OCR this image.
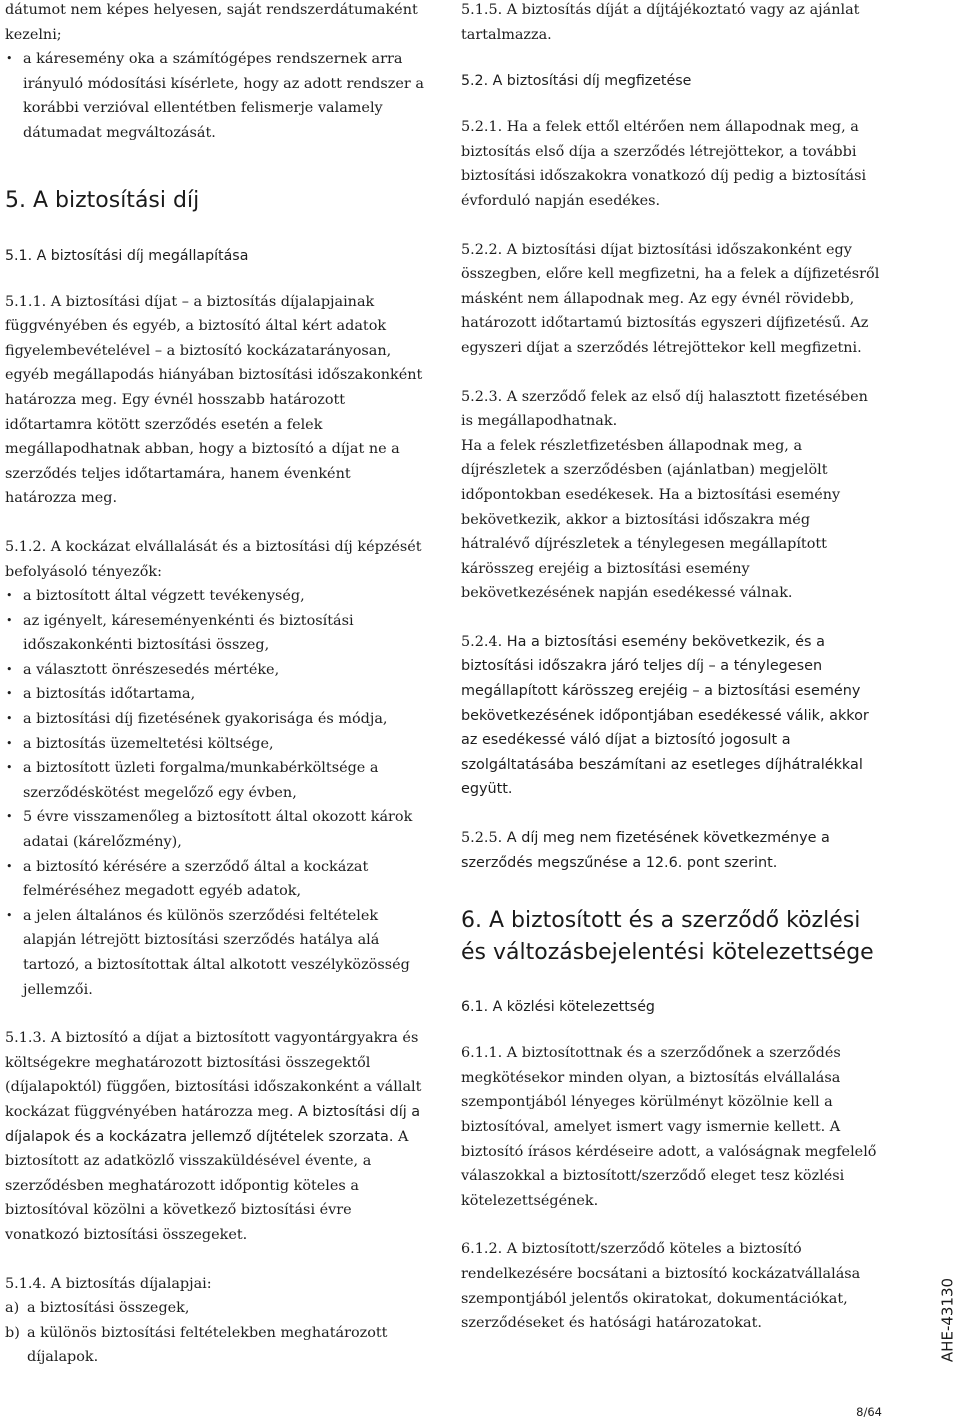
dátumot nem képes helyesen, saját rendszerdátumaként kezelni;

• a káresemény oka a számítógépes rendszernek arra irányuló módosítási kísérlete, hogy az adott rendszer a korábbi verzióval ellentétben felismerje valamely dátumadat megváltozását.
5. A biztosítási díj
5.1. A biztosítási díj megállapítása

5.1.1. A biztosítási díjat – a biztosítás díjalapjainak függvényében és egyéb, a biztosító által kért adatok figyelembevételével – a biztosító kockázatarányosan, egyéb megállapodás hiányában biztosítási időszakonként határozza meg. Egy évnél hosszabb határozott időtartamra kötött szerződés esetén a felek megállapodhatnak abban, hogy a biztosító a díjat ne a szerződés teljes időtartamára, hanem évenként határozza meg.

5.1.2. A kockázat elvállalását és a biztosítási díj képzését befolyásoló tényezők:

• a biztosított által végzett tevékenység,
• az igényelt, káreseményenkénti és biztosítási időszakonkénti biztosítási összeg,
• a választott önrészesedés mértéke,
• a biztosítás időtartama,
• a biztosítási díj fizetésének gyakorisága és módja,
• a biztosítás üzemeltetési költsége,
• a biztosított üzleti forgalma/munkabérköltsége a szerződéskötést megelőző egy évben,
• 5 évre visszamenőleg a biztosított által okozott károk adatai (kárelőzmény),
• a biztosító kérésére a szerződő által a kockázat felméréséhez megadott egyéb adatok,
• a jelen általános és különös szerződési feltételek alapján létrejött biztosítási szerződés hatálya alá tartozó, a biztosítottak által alkotott veszélyközösség jellemzői.

5.1.3. A biztosító a díjat a biztosított vagyontárgyakra és költségekre meghatározott biztosítási összegektől (díjalapoktól) függően, biztosítási időszakonként a vállalt kockázat függvényében határozza meg. A biztosítási díj a díjalapok és a kockázatra jellemző díjtételek szorzata. A biztosított az adatközlő visszaküldésével évente, a szerződésben meghatározott időpontig köteles a biztosítóval közölni a következő biztosítási évre vonatkozó biztosítási összegeket.

5.1.4. A biztosítás díjalapjai:

a) a biztosítási összegek,
b) a különös biztosítási feltételekben meghatározott díjalapok.

5.1.5. A biztosítás díját a díjtájékoztató vagy az ajánlat tartalmazza.

5.2. A biztosítási díj megfizetése

5.2.1. Ha a felek ettől eltérően nem állapodnak meg, a biztosítás első díja a szerződés létrejöttekor, a további biztosítási időszakokra vonatkozó díj pedig a biztosítási évforduló napján esedékes.

5.2.2. A biztosítási díjat biztosítási időszakonként egy összegben, előre kell megfizetni, ha a felek a díjfizetésről másként nem állapodnak meg. Az egy évnél rövidebb, határozott időtartamú biztosítás egyszeri díjfizetésű. Az egyszeri díjat a szerződés létrejöttekor kell megfizetni.

5.2.3. A szerződő felek az első díj halasztott fizetésében is megállapodhatnak.

Ha a felek részletfizetésben állapodnak meg, a díjrészletek a szerződésben (ajánlatban) megjelölt időpontokban esedékesek. Ha a biztosítási esemény bekövetkezik, akkor a biztosítási időszakra még hátralévő díjrészletek a ténylegesen megállapított kárösszeg erejéig a biztosítási esemény bekövetkezésének napján esedékessé válnak.

5.2.4. Ha a biztosítási esemény bekövetkezik, és a biztosítási időszakra járó teljes díj – a ténylegesen megállapított kárösszeg erejéig – a biztosítási esemény bekövetkezésének időpontjában esedékessé válik, akkor az esedékessé váló díjat a biztosító jogosult a szolgáltatásába beszámítani az esetleges díjhátralékkal együtt.

5.2.5. A díj meg nem fizetésének következménye a szerződés megszűnése a 12.6. pont szerint.

6. A biztosított és a szerződő közlési és változásbejelentési kötelezettsége
6.1. A közlési kötelezettség

6.1.1. A biztosítottnak és a szerződőnek a szerződés megkötésekor minden olyan, a biztosítás elvállalása szempontjából lényeges körülményt közölnie kell a biztosítóval, amelyet ismert vagy ismernie kellett. A biztosító írásos kérdéseire adott, a valóságnak megfelelő válaszokkal a biztosított/szerződő eleget tesz közlési kötelezettségének.

6.1.2. A biztosított/szerződő köteles a biztosító rendelkezésére bocsátani a biztosító kockázatvállalása szempontjából jelentős okiratokat, dokumentációkat, szerződéseket és hatósági határozatokat.	AHE-43130
8/64
